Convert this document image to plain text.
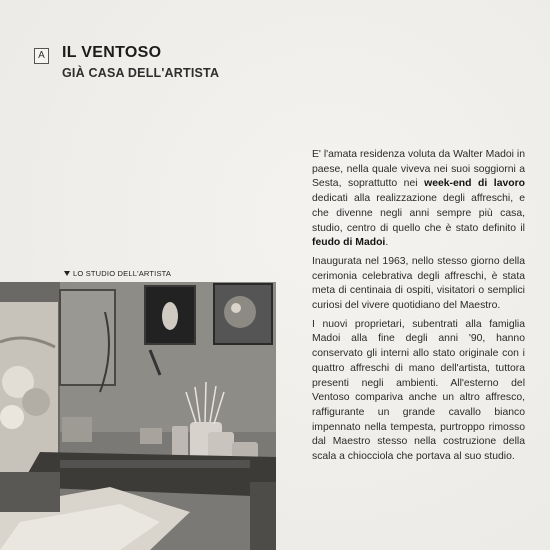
A IL VENTOSO
GIÀ CASA DELL'ARTISTA
LO STUDIO DELL'ARTISTA

E' l'amata residenza voluta da Walter Madoi in paese, nella quale viveva nei suoi soggiorni a Sesta, soprattutto nei week-end di lavoro dedicati alla realizzazione degli affreschi, e che divenne negli anni sempre più casa, studio, centro di quello che è stato definito il feudo di Madoi.

Inaugurata nel 1963, nello stesso giorno della cerimonia celebrativa degli affreschi, è stata meta di centinaia di ospiti, visitatori o semplici curiosi del vivere quotidiano del Maestro.

I nuovi proprietari, subentrati alla famiglia Madoi alla fine degli anni '90, hanno conservato gli interni allo stato originale con i quattro affreschi di mano dell'artista, tuttora presenti negli ambienti. All'esterno del Ventoso compariva anche un altro affresco, raffigurante un grande cavallo bianco impennato nella tempesta, purtroppo rimosso dal Maestro stesso nella costruzione della scala a chiocciola che portava al suo studio.
